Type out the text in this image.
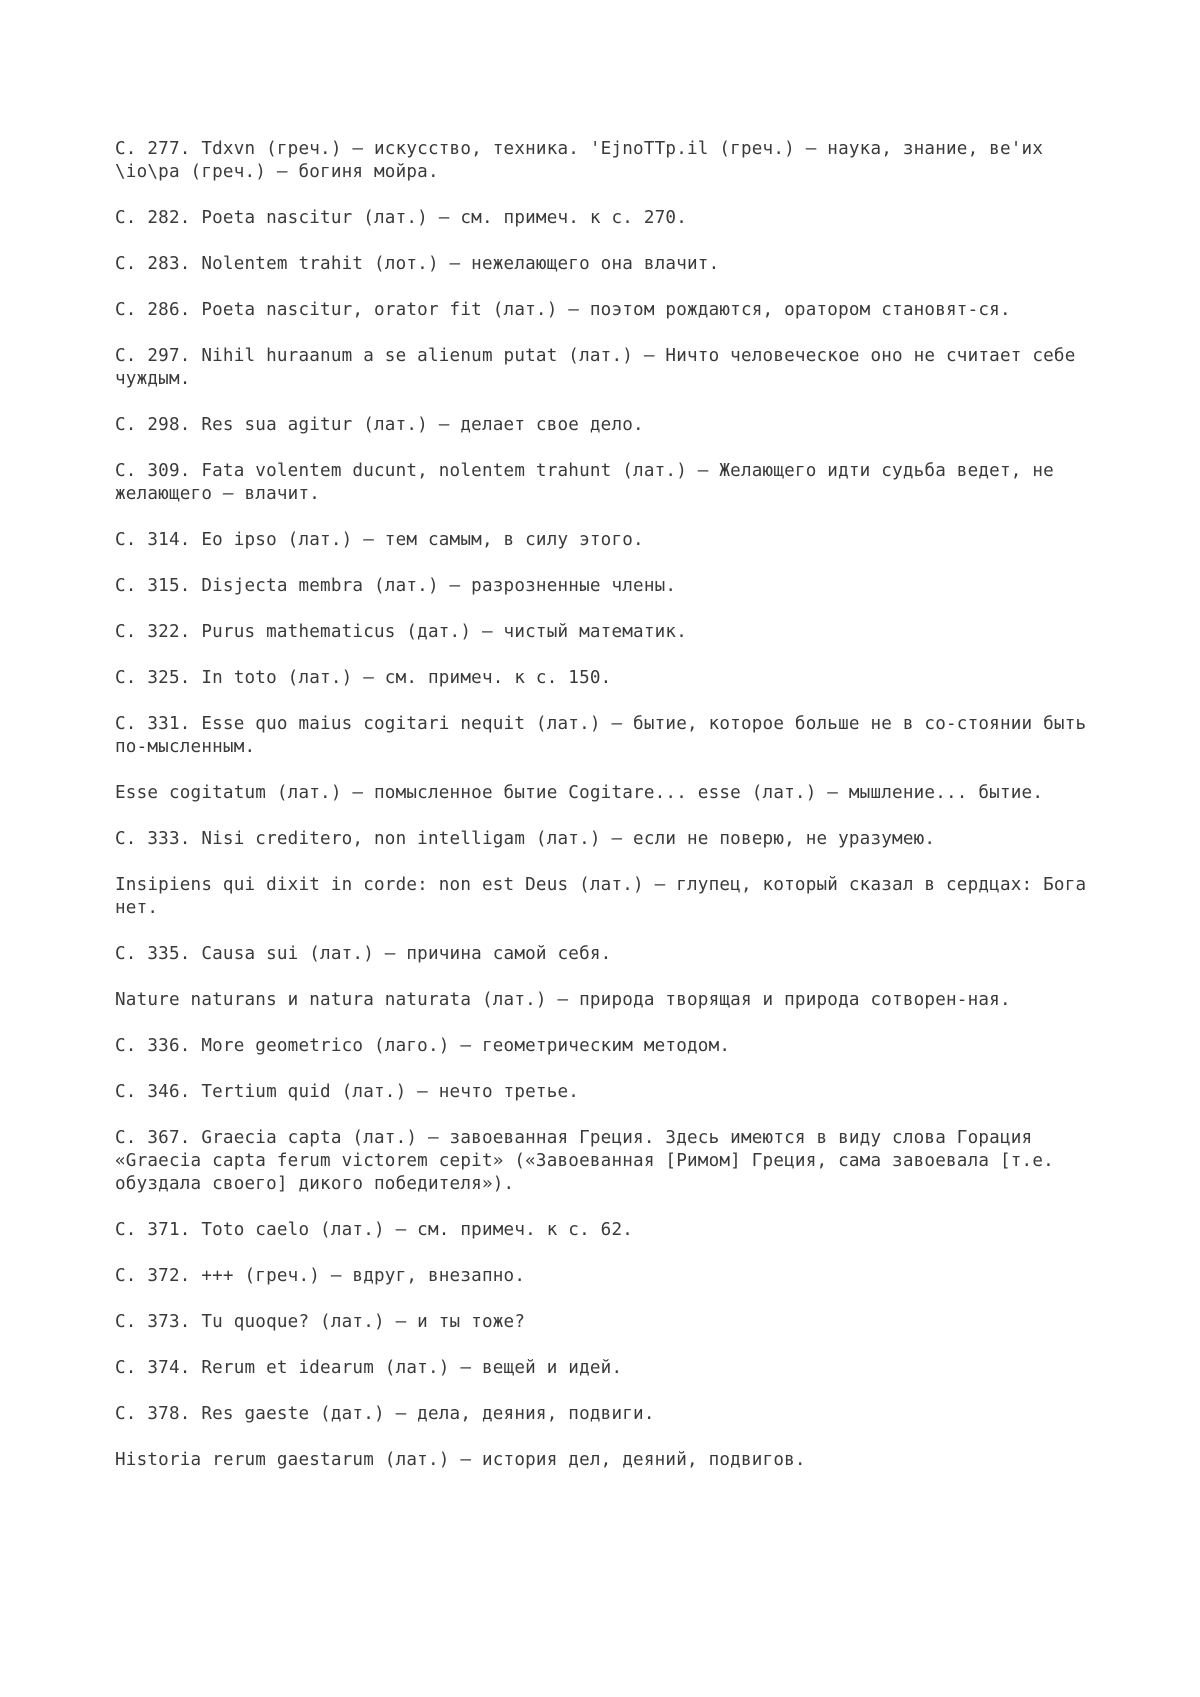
С. 277. Tdxvn (греч.) — искусство, техника. 'EjnoTTp.il (греч.) — наука, знание, ве'их \io\pa (греч.) — богиня мойра.

С. 282. Poeta nascitur (лат.) — см. примеч. к с. 270.

С. 283. Nolentem trahit (лот.) — нежелающего она влачит.

С. 286. Poeta nascitur, orator fit (лат.) — поэтом рождаются, оратором становят-ся.

С. 297. Nihil huraanum a se alienum putat (лат.) — Ничто человеческое оно не считает себе чуждым.

С. 298. Res sua agitur (лат.) — делает свое дело.

С. 309. Fata volentem ducunt, nolentem trahunt (лат.) — Желающего идти судьба ведет, не желающего — влачит.

С. 314. Eo ipso (лат.) — тем самым, в силу этого.

С. 315. Disjecta membra (лат.) — разрозненные члены.

С. 322. Purus mathematicus (дат.) — чистый математик.

С. 325. In toto (лат.) — см. примеч. к с. 150.

С. 331. Esse quo maius cogitari nequit (лат.) — бытие, которое больше не в со-стоянии быть по-мысленным.

Esse cogitatum (лат.) — помысленное бытие Cogitare... esse (лат.) — мышление... бытие.

С. 333. Nisi creditero, non intelligam (лат.) — если не поверю, не уразумею.

Insipiens qui dixit in corde: non est Deus (лат.) — глупец, который сказал в сердцах: Бога нет.

С. 335. Causa sui (лат.) — причина самой себя.

Nature naturans и natura naturata (лат.) — природа творящая и природа сотворен-ная.

С. 336. More geometrico (лаго.) — геометрическим методом.

С. 346. Tertium quid (лат.) — нечто третье.

С. 367. Graecia capta (лат.) — завоеванная Греция. Здесь имеются в виду слова Горация «Graecia capta ferum victorem cepit» («Завоеванная [Римом] Греция, сама завоевала [т.е. обуздала своего] дикого победителя»).

С. 371. Toto caelo (лат.) — см. примеч. к с. 62.

С. 372. +++ (греч.) — вдруг, внезапно.

С. 373. Tu quoque? (лат.) — и ты тоже?

С. 374. Rerum et idearum (лат.) — вещей и идей.

С. 378. Res gaeste (дат.) — дела, деяния, подвиги.

Historia rerum gaestarum (лат.) — история дел, деяний, подвигов.
